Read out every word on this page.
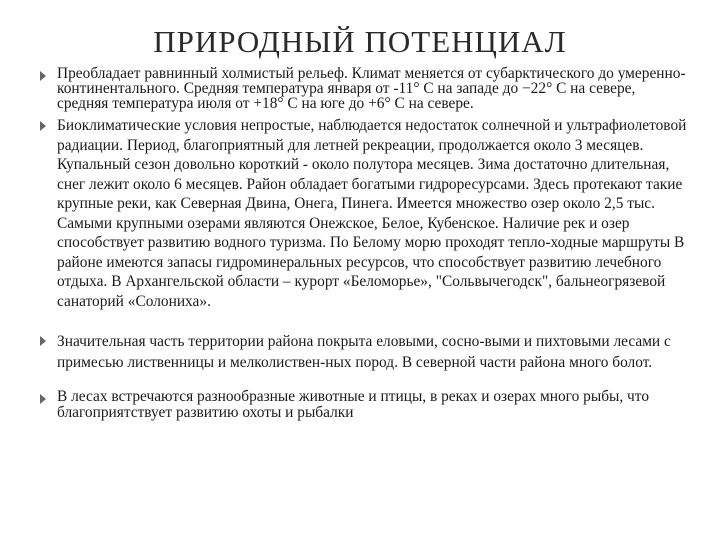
ПРИРОДНЫЙ ПОТЕНЦИАЛ

Преобладает равнинный холмистый рельеф. Климат меняется от субарктического до умеренно-континентального. Средняя температура января от -11° С на западе до −22° С на севере, средняя температура июля от +18° С на юге до +6° С на севере.

Биоклиматические условия непростые, наблюдается недостаток солнечной и ультрафиолетовой радиации. Период, благоприятный для летней рекреации, продолжается около 3 месяцев. Купальный сезон довольно короткий - около полутора месяцев. Зима достаточно длительная, снег лежит около 6 месяцев. Район обладает богатыми гидроресурсами. Здесь протекают такие крупные реки, как Северная Двина, Онега, Пинега. Имеется множество озер около 2,5 тыс. Самыми крупными озерами являются Онежское, Белое, Кубенское. Наличие рек и озер способствует развитию водного туризма. По Белому морю проходят тепло-ходные маршруты В районе имеются запасы гидроминеральных ресурсов, что способствует развитию лечебного отдыха. В Архангельской области – курорт «Беломорье», "Сольвычегодск", бальнеогрязевой санаторий «Солониха».

Значительная часть территории района покрыта еловыми, сосно-выми и пихтовыми лесами с примесью лиственницы и мелколиствен-ных пород. В северной части района много болот.

В лесах встречаются разнообразные животные и птицы, в реках и озерах много рыбы, что благоприятствует развитию охоты и рыбалки
